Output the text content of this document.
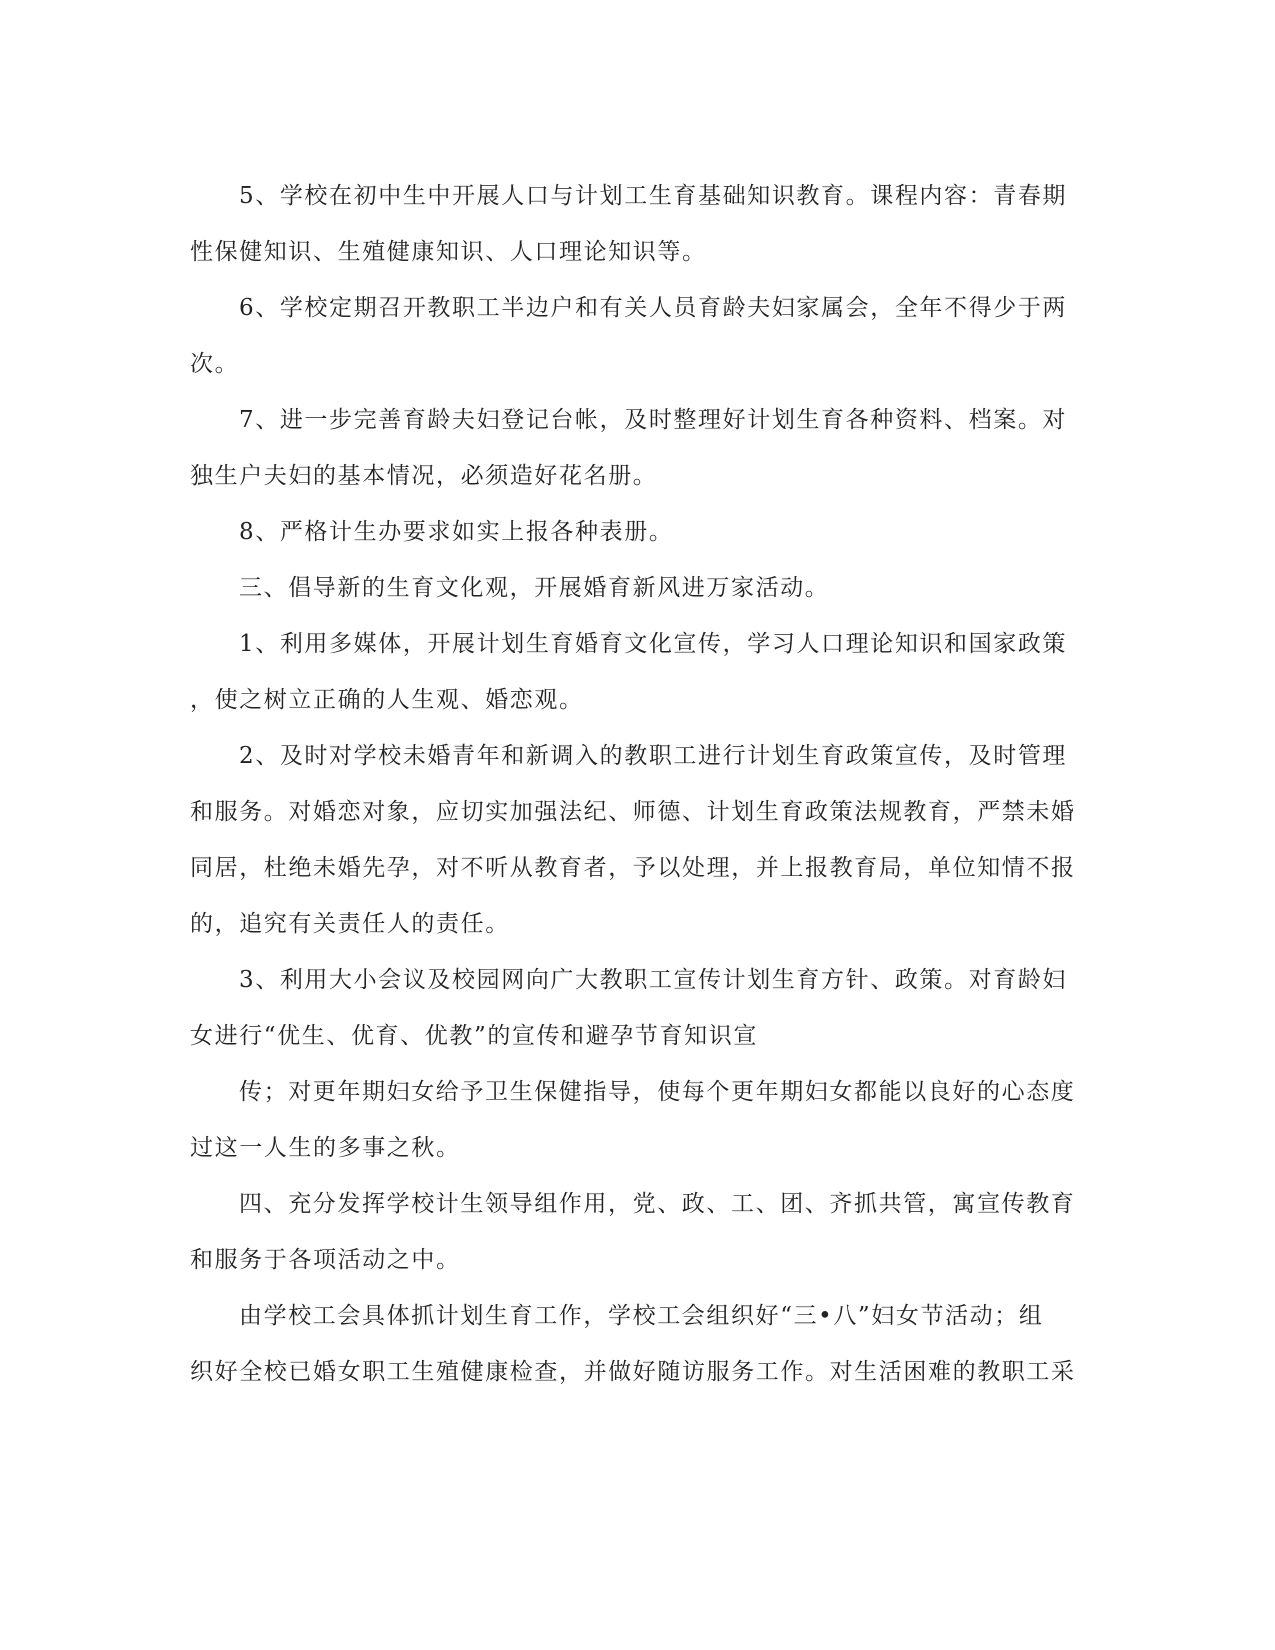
5、学校在初中生中开展人口与计划工生育基础知识教育。课程内容：青春期
性保健知识、生殖健康知识、人口理论知识等。

6、学校定期召开教职工半边户和有关人员育龄夫妇家属会，全年不得少于两
次。

7、进一步完善育龄夫妇登记台帐，及时整理好计划生育各种资料、档案。对
独生户夫妇的基本情况，必须造好花名册。

8、严格计生办要求如实上报各种表册。

三、倡导新的生育文化观，开展婚育新风进万家活动。

1、利用多媒体，开展计划生育婚育文化宣传，学习人口理论知识和国家政策
，使之树立正确的人生观、婚恋观。

2、及时对学校未婚青年和新调入的教职工进行计划生育政策宣传，及时管理
和服务。对婚恋对象，应切实加强法纪、师德、计划生育政策法规教育，严禁未婚
同居，杜绝未婚先孕，对不听从教育者，予以处理，并上报教育局，单位知情不报
的，追究有关责任人的责任。

3、利用大小会议及校园网向广大教职工宣传计划生育方针、政策。对育龄妇
女进行“优生、优育、优教”的宣传和避孕节育知识宣

传；对更年期妇女给予卫生保健指导，使每个更年期妇女都能以良好的心态度
过这一人生的多事之秋。

四、充分发挥学校计生领导组作用，党、政、工、团、齐抓共管，寓宣传教育
和服务于各项活动之中。

由学校工会具体抓计划生育工作，学校工会组织好“三•八”妇女节活动；组
织好全校已婚女职工生殖健康检查，并做好随访服务工作。对生活困难的教职工采
